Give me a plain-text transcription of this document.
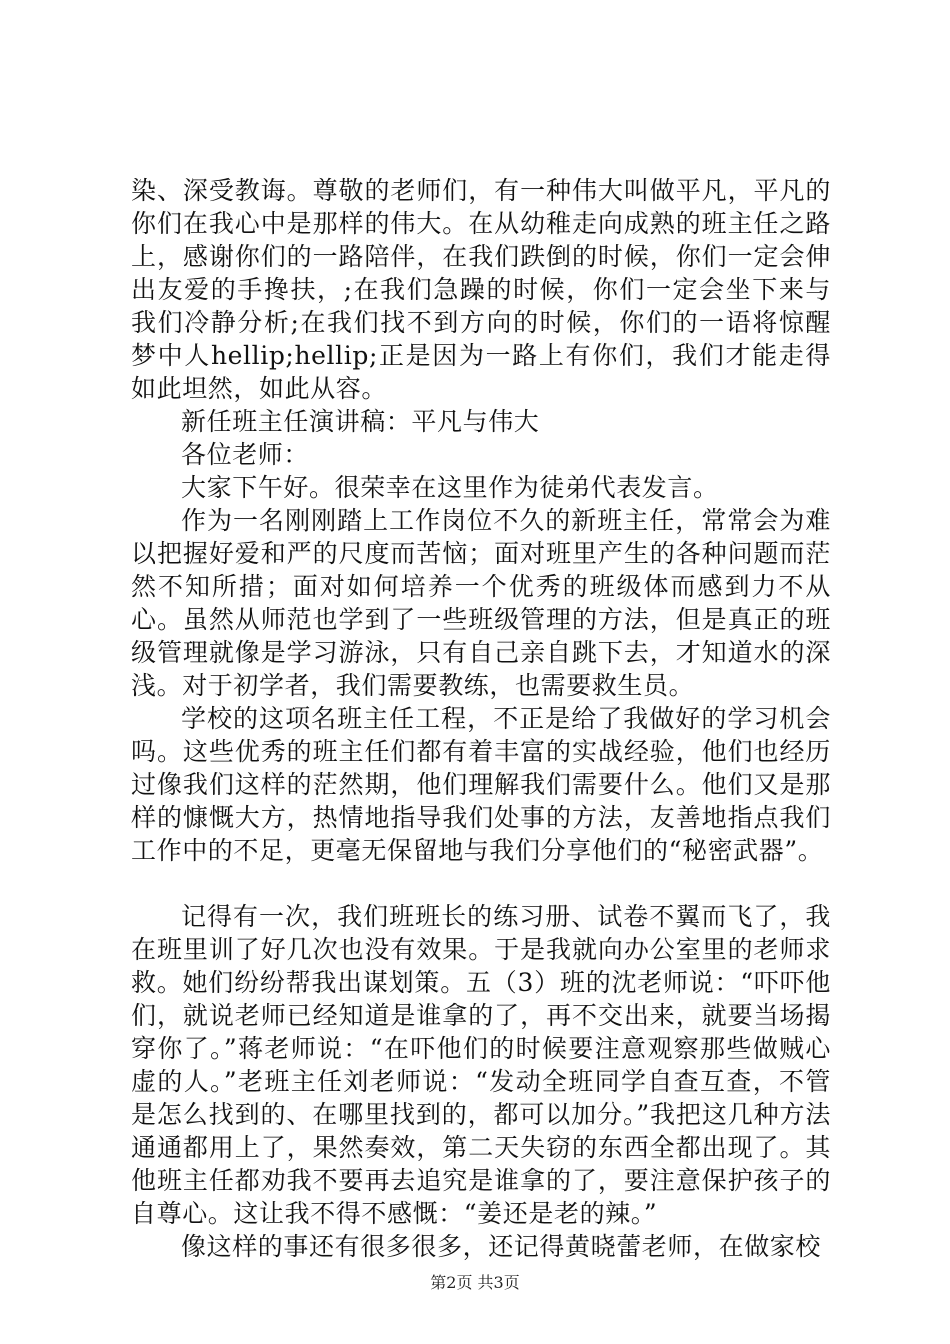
染、深受教诲。尊敬的老师们，有一种伟大叫做平凡，平凡的你们在我心中是那样的伟大。在从幼稚走向成熟的班主任之路上，感谢你们的一路陪伴，在我们跌倒的时候，你们一定会伸出友爱的手搀扶，;在我们急躁的时候，你们一定会坐下来与我们冷静分析;在我们找不到方向的时候，你们的一语将惊醒梦中人hellip;hellip;正是因为一路上有你们，我们才能走得如此坦然，如此从容。

新任班主任演讲稿：平凡与伟大

各位老师：

大家下午好。很荣幸在这里作为徒弟代表发言。

作为一名刚刚踏上工作岗位不久的新班主任，常常会为难以把握好爱和严的尺度而苦恼；面对班里产生的各种问题而茫然不知所措；面对如何培养一个优秀的班级体而感到力不从心。虽然从师范也学到了一些班级管理的方法，但是真正的班级管理就像是学习游泳，只有自己亲自跳下去，才知道水的深浅。对于初学者，我们需要教练，也需要救生员。

学校的这项名班主任工程，不正是给了我做好的学习机会吗。这些优秀的班主任们都有着丰富的实战经验，他们也经历过像我们这样的茫然期，他们理解我们需要什么。他们又是那样的慷慨大方，热情地指导我们处事的方法，友善地指点我们工作中的不足，更毫无保留地与我们分享他们的“秘密武器”。

记得有一次，我们班班长的练习册、试卷不翼而飞了，我在班里训了好几次也没有效果。于是我就向办公室里的老师求救。她们纷纷帮我出谋划策。五（3）班的沈老师说：“吓吓他们，就说老师已经知道是谁拿的了，再不交出来，就要当场揭穿你了。”蒋老师说：“在吓他们的时候要注意观察那些做贼心虚的人。”老班主任刘老师说：“发动全班同学自查互查，不管是怎么找到的、在哪里找到的，都可以加分。”我把这几种方法通通都用上了，果然奏效，第二天失窃的东西全都出现了。其他班主任都劝我不要再去追究是谁拿的了，要注意保护孩子的自尊心。这让我不得不感慨：“姜还是老的辣。”

像这样的事还有很多很多，还记得黄晓蕾老师，在做家校

第2页 共3页
